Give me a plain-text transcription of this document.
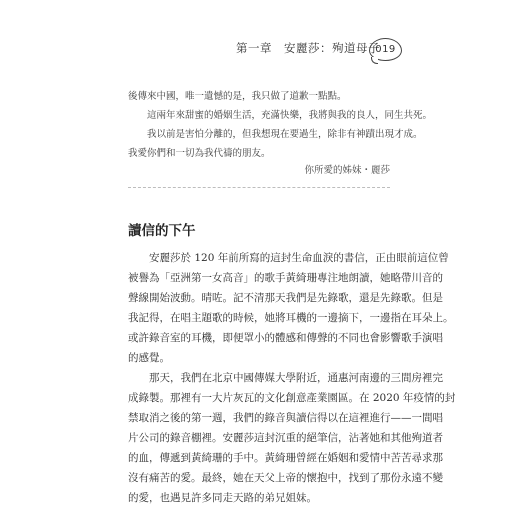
第一章　安麗莎：殉道母子
019

後傳來中國，唯一遺憾的是，我只做了道歉一點點。

這兩年來甜蜜的婚姻生活，充滿快樂，我將與我的良人，同生共死。

我以前是害怕分離的，但我想現在要過生，除非有神蹟出現才成。

我愛你們和一切為我代禱的朋友。

你所愛的姊妹・麗莎
讀信的下午

安麗莎於 120 年前所寫的這封生命血淚的書信，正由眼前這位曾

被譽為「亞洲第一女高音」的歌手黃綺珊專注地朗讀，她略帶川音的

聲線開始波動。晴咗。記不清那天我們是先錄歌，還是先錄歌。但是

我記得，在唱主題歌的時候，她將耳機的一邊摘下，一邊指在耳朵上。

或許錄音室的耳機，即便罩小的體感和傳聲的不同也會影響歌手演唱

的感覺。

那天，我們在北京中國傳媒大學附近，通惠河南邊的三間房裡完

成錄製。那裡有一大片灰瓦的文化創意產業園區。在 2020 年疫情的封

禁取消之後的第一週，我們的錄音與讀信得以在這裡進行——一間唱

片公司的錄音棚裡。安麗莎這封沉重的絕筆信，沾著她和其他殉道者

的血，傳遞到黃綺珊的手中。黃綺珊曾經在婚姻和愛情中苦苦尋求那

沒有痛苦的愛。最終，她在天父上帝的懷抱中，找到了那份永遠不變

的愛，也遇見許多同走天路的弟兄姐妹。
